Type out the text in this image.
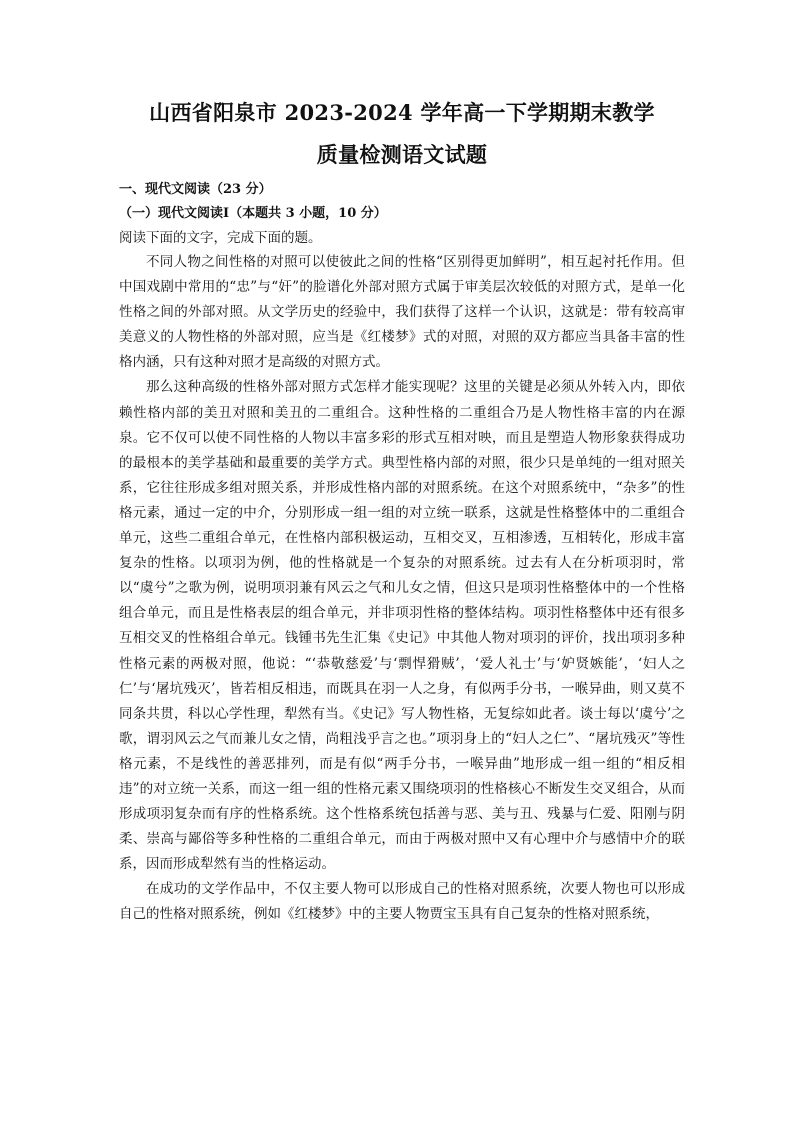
山西省阳泉市 2023-2024 学年高一下学期期末教学
质量检测语文试题
一、现代文阅读（23 分）
（一）现代文阅读Ⅰ（本题共 3 小题，10 分）
阅读下面的文字，完成下面的题。

不同人物之间性格的对照可以使彼此之间的性格“区别得更加鲜明”，相互起衬托作用。但中国戏剧中常用的“忠”与“奸”的脸谱化外部对照方式属于审美层次较低的对照方式，是单一化性格之间的外部对照。从文学历史的经验中，我们获得了这样一个认识，这就是：带有较高审美意义的人物性格的外部对照，应当是《红楼梦》式的对照，对照的双方都应当具备丰富的性格内涵，只有这种对照才是高级的对照方式。

那么这种高级的性格外部对照方式怎样才能实现呢？这里的关键是必须从外转入内，即依赖性格内部的美丑对照和美丑的二重组合。这种性格的二重组合乃是人物性格丰富的内在源泉。它不仅可以使不同性格的人物以丰富多彩的形式互相对映，而且是塑造人物形象获得成功的最根本的美学基础和最重要的美学方式。典型性格内部的对照，很少只是单纯的一组对照关系，它往往形成多组对照关系，并形成性格内部的对照系统。在这个对照系统中，“杂多”的性格元素，通过一定的中介，分别形成一组一组的对立统一联系，这就是性格整体中的二重组合单元，这些二重组合单元，在性格内部积极运动，互相交叉，互相渗透，互相转化，形成丰富复杂的性格。以项羽为例，他的性格就是一个复杂的对照系统。过去有人在分析项羽时，常以“虞兮”之歌为例，说明项羽兼有风云之气和儿女之情，但这只是项羽性格整体中的一个性格组合单元，而且是性格表层的组合单元，并非项羽性格的整体结构。项羽性格整体中还有很多互相交叉的性格组合单元。钱锺书先生汇集《史记》中其他人物对项羽的评价，找出项羽多种性格元素的两极对照，他说：“‘恭敬慈爱’与‘剽悍猾贼’，‘爱人礼士’与‘妒贤嫉能’，‘妇人之仁’与‘屠坑残灭’，皆若相反相违，而既具在羽一人之身，有似两手分书，一喉异曲，则又莫不同条共贯，科以心学性理，犁然有当。《史记》写人物性格，无复综如此者。谈士每以‘虞兮’之歌，谓羽风云之气而兼儿女之情，尚粗浅乎言之也。”项羽身上的“妇人之仁”、“屠坑残灭”等性格元素，不是线性的善恶排列，而是有似“两手分书，一喉异曲”地形成一组一组的“相反相违”的对立统一关系，而这一组一组的性格元素又围绕项羽的性格核心不断发生交叉组合，从而形成项羽复杂而有序的性格系统。这个性格系统包括善与恶、美与丑、残暴与仁爱、阳刚与阴柔、崇高与鄙俗等多种性格的二重组合单元，而由于两极对照中又有心理中介与感情中介的联系，因而形成犁然有当的性格运动。

在成功的文学作品中，不仅主要人物可以形成自己的性格对照系统，次要人物也可以形成自己的性格对照系统，例如《红楼梦》中的主要人物贾宝玉具有自己复杂的性格对照系统，
